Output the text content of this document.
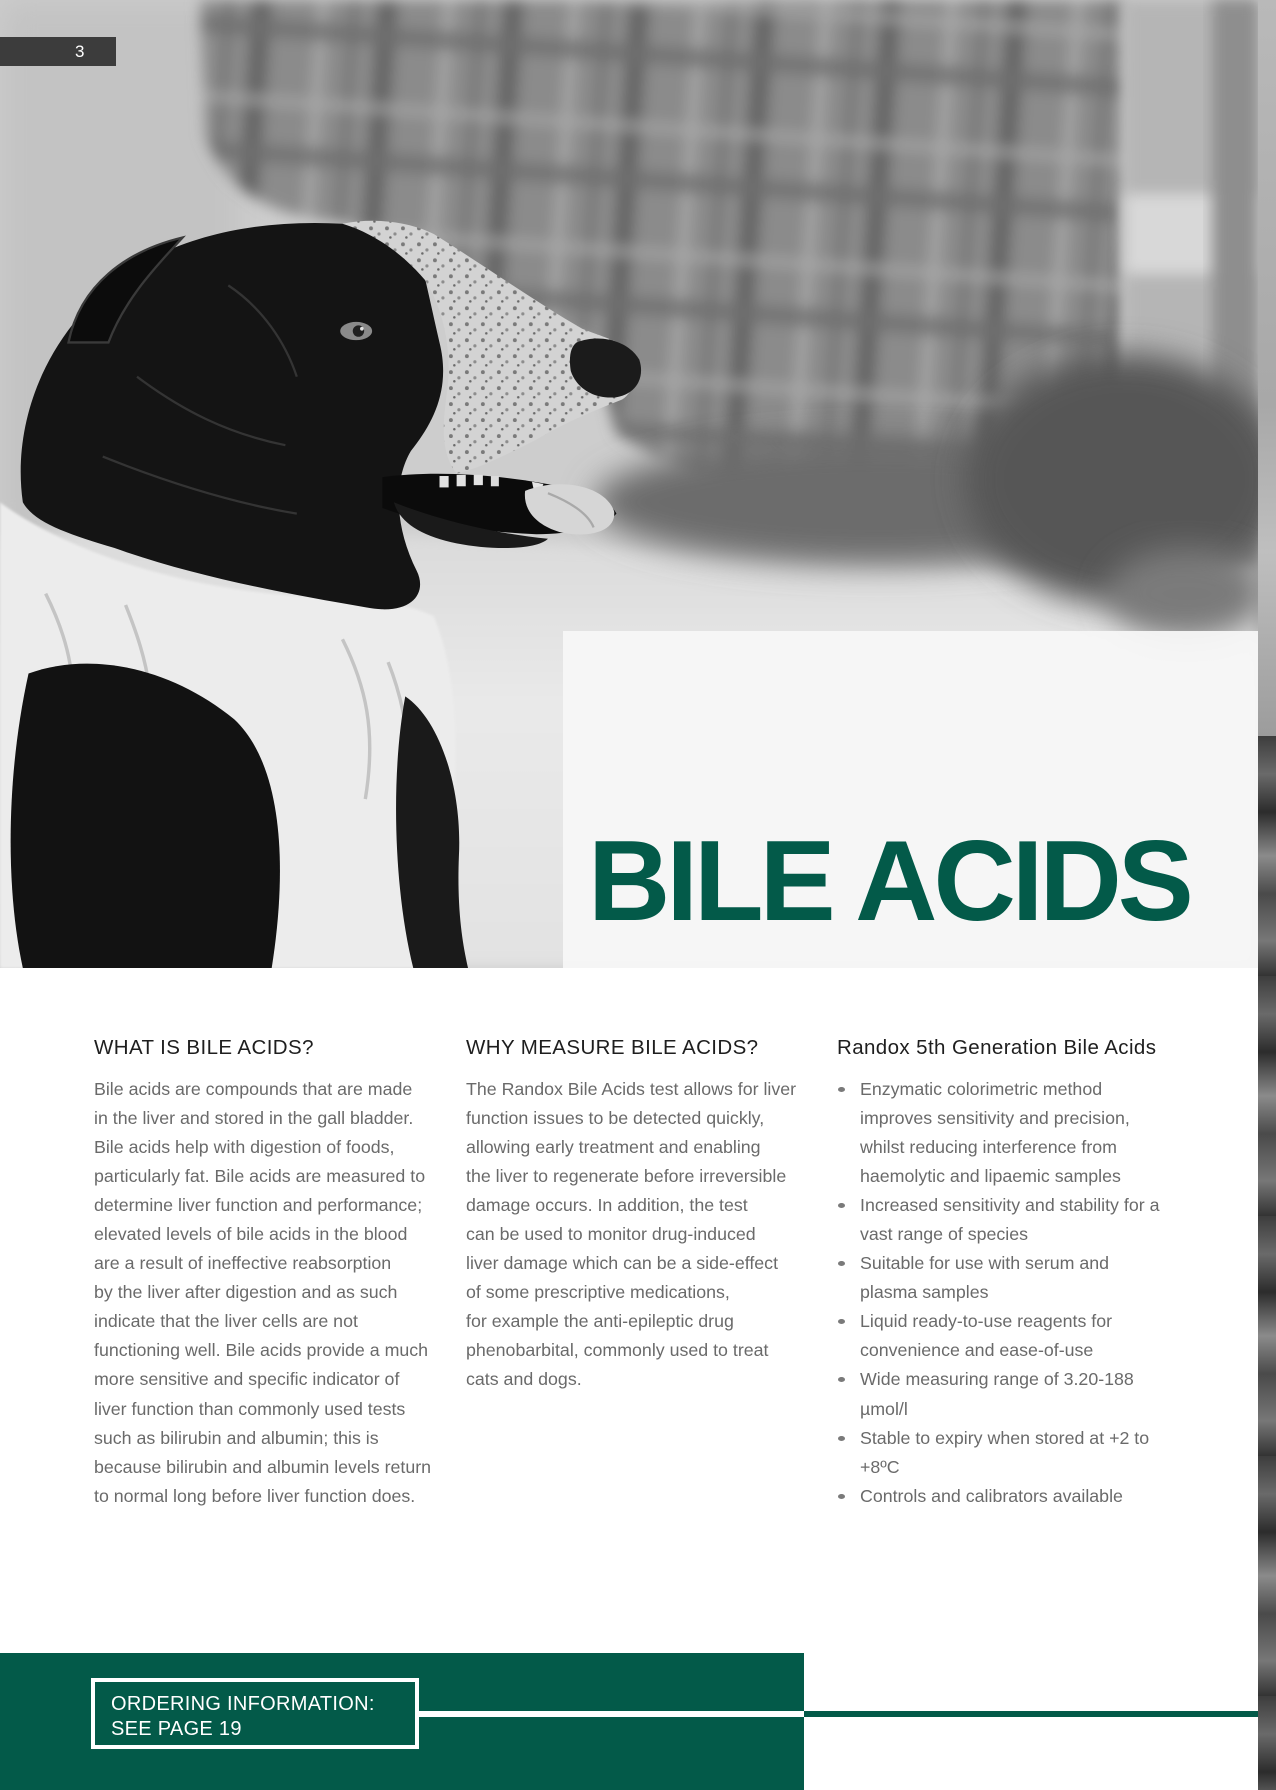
3
BILE ACIDS
WHAT IS BILE ACIDS?
Bile acids are compounds that are made
in the liver and stored in the gall bladder.
Bile acids help with digestion of foods,
particularly fat. Bile acids are measured to
determine liver function and performance;
elevated levels of bile acids in the blood
are a result of ineffective reabsorption
by the liver after digestion and as such
indicate that the liver cells are not
functioning well. Bile acids provide a much
more sensitive and specific indicator of
liver function than commonly used tests
such as bilirubin and albumin; this is
because bilirubin and albumin levels return
to normal long before liver function does.
WHY MEASURE BILE ACIDS?
The Randox Bile Acids test allows for liver
function issues to be detected quickly,
allowing early treatment and enabling
the liver to regenerate before irreversible
damage occurs. In addition, the test
can be used to monitor drug-induced
liver damage which can be a side-effect
of some prescriptive medications,
for example the anti-epileptic drug
phenobarbital, commonly used to treat
cats and dogs.
Randox 5th Generation Bile Acids
Enzymatic colorimetric method
improves sensitivity and precision,
whilst reducing interference from
haemolytic and lipaemic samples
Increased sensitivity and stability for a
vast range of species
Suitable for use with serum and
plasma samples
Liquid ready-to-use reagents for
convenience and ease-of-use
Wide measuring range of 3.20-188
µmol/l
Stable to expiry when stored at +2 to
+8ºC
Controls and calibrators available
ORDERING INFORMATION:
SEE PAGE 19
